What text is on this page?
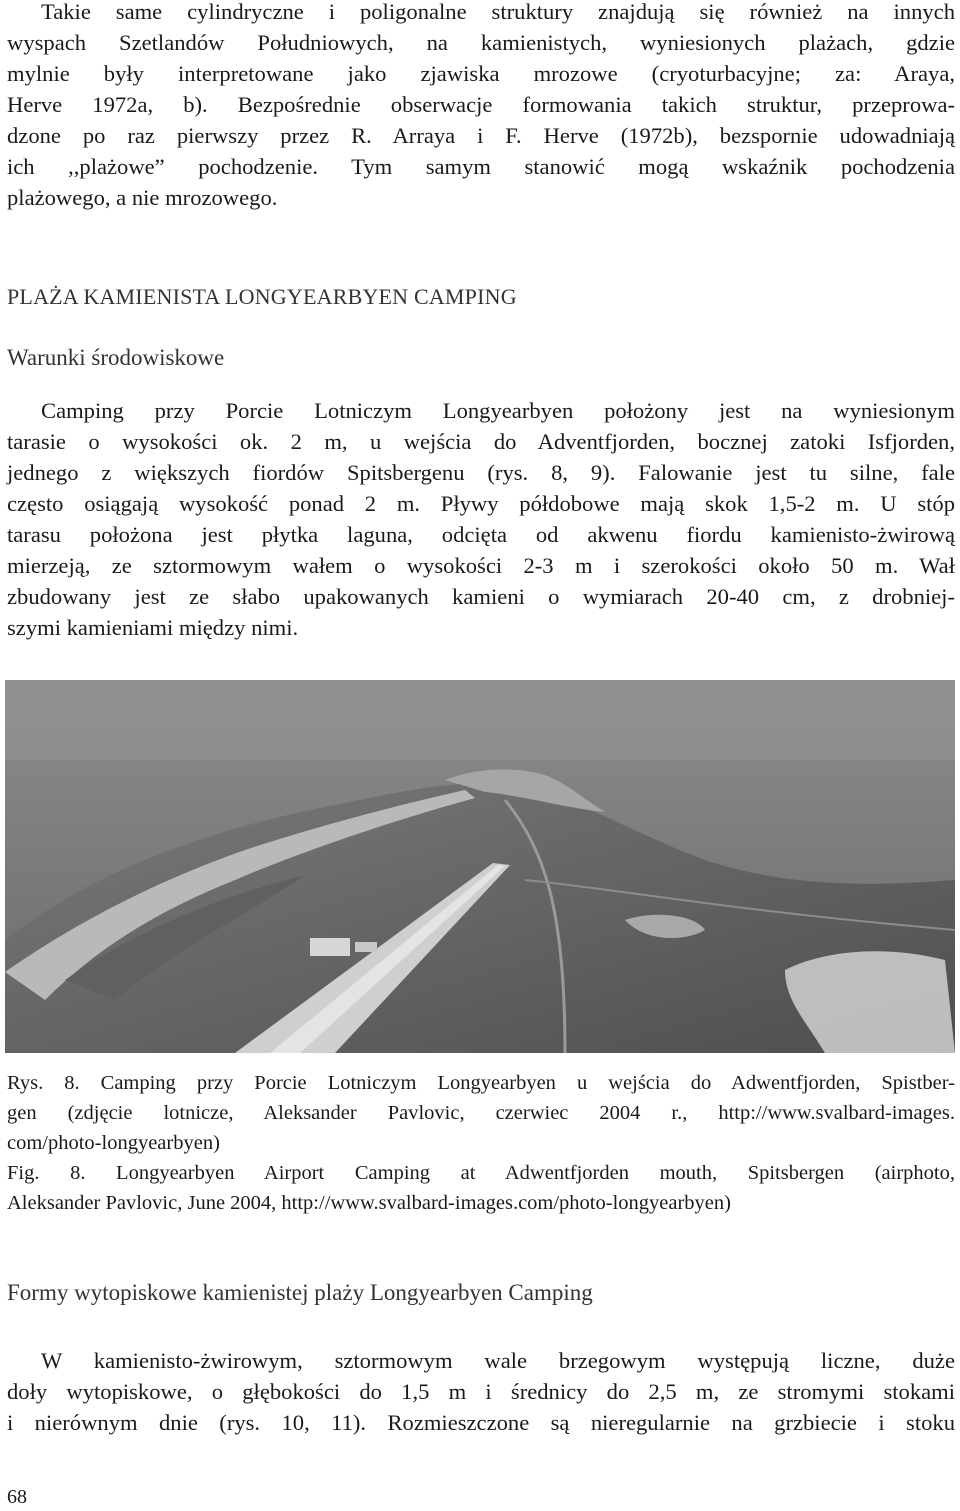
Takie same cylindryczne i poligonalne struktury znajdują się również na innych
wyspach Szetlandów Południowych, na kamienistych, wyniesionych plażach, gdzie
mylnie były interpretowane jako zjawiska mrozowe (cryoturbacyjne; za: Araya,
Herve 1972a, b). Bezpośrednie obserwacje formowania takich struktur, przeprowa-
dzone po raz pierwszy przez R. Arraya i F. Herve (1972b), bezspornie udowadniają
ich ,,plażowe” pochodzenie. Tym samym stanowić mogą wskaźnik pochodzenia
plażowego, a nie mrozowego.
PLAŻA KAMIENISTA LONGYEARBYEN CAMPING
Warunki środowiskowe
Camping przy Porcie Lotniczym Longyearbyen położony jest na wyniesionym
tarasie o wysokości ok. 2 m, u wejścia do Adventfjorden, bocznej zatoki Isfjorden,
jednego z większych fiordów Spitsbergenu (rys. 8, 9). Falowanie jest tu silne, fale
często osiągają wysokość ponad 2 m. Pływy półdobowe mają skok 1,5-2 m. U stóp
tarasu położona jest płytka laguna, odcięta od akwenu fiordu kamienisto-żwirową
mierzeją, ze sztormowym wałem o wysokości 2-3 m i szerokości około 50 m. Wał
zbudowany jest ze słabo upakowanych kamieni o wymiarach 20-40 cm, z drobniej-
szymi kamieniami między nimi.
Rys. 8. Camping przy Porcie Lotniczym Longyearbyen u wejścia do Adwentfjorden, Spistber-
gen (zdjęcie lotnicze, Aleksander Pavlovic, czerwiec 2004 r., http://www.svalbard-images.
com/photo-longyearbyen)
Fig. 8. Longyearbyen Airport Camping at Adwentfjorden mouth, Spitsbergen (airphoto,
Aleksander Pavlovic, June 2004, http://www.svalbard-images.com/photo-longyearbyen)
Formy wytopiskowe kamienistej plaży Longyearbyen Camping
W kamienisto-żwirowym, sztormowym wale brzegowym występują liczne, duże
doły wytopiskowe, o głębokości do 1,5 m i średnicy do 2,5 m, ze stromymi stokami
i nierównym dnie (rys. 10, 11). Rozmieszczone są nieregularnie na grzbiecie i stoku

68
